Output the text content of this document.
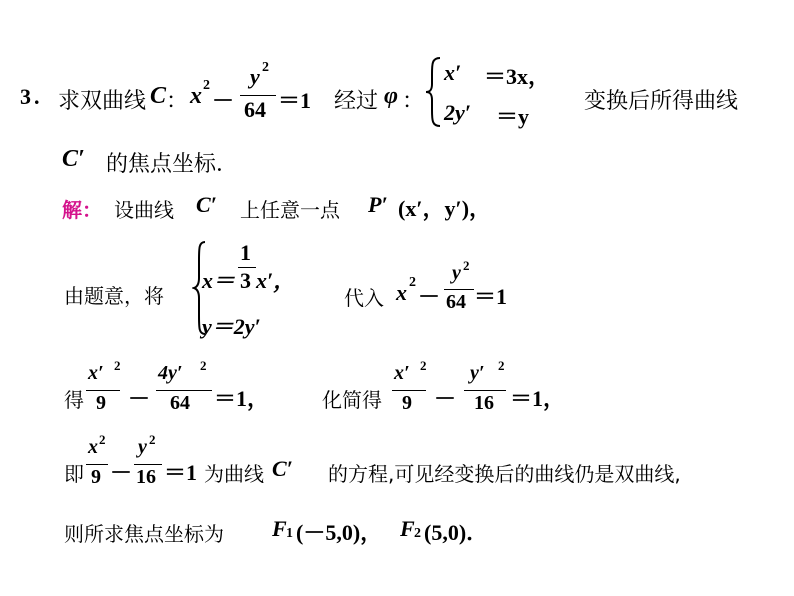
3 . 求双曲线 C ： x 2
－
y 2
64 ＝1 经过 φ ：
x′ ＝3x，
2y′ ＝y
变换后所得曲线
C′ 的焦点坐标．
解： 设曲线 C′ 上任意一点 P′ (x′，y′)，
由题意，将
x＝
1
3 x′，
y＝2y′
代入 x 2
－
y 2
64 ＝1
得
x′ 2
9 －
4y′ 2
64 ＝1，	化简得
x′ 2
9 －
y′ 2
16 ＝1，
即
x 2
9 －
y 2
16 ＝1 为曲线 C′ 的方程,可见经变换后的曲线仍是双曲线,
则所求焦点坐标为 F 1 (－5,0)， F 2 (5,0)．
